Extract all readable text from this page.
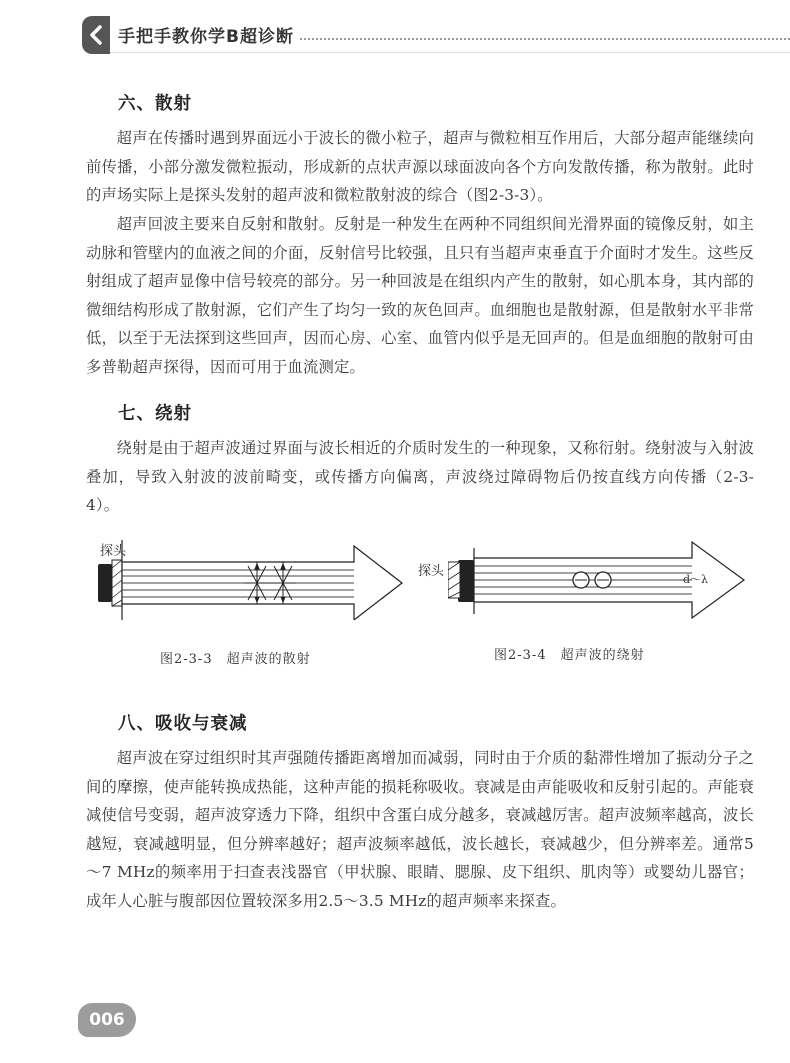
手把手教你学B超诊断
六、散射

超声在传播时遇到界面远小于波长的微小粒子，超声与微粒相互作用后，大部分超声能继续向前传播，小部分激发微粒振动，形成新的点状声源以球面波向各个方向发散传播，称为散射。此时的声场实际上是探头发射的超声波和微粒散射波的综合（图2-3-3）。

超声回波主要来自反射和散射。反射是一种发生在两种不同组织间光滑界面的镜像反射，如主动脉和管壁内的血液之间的介面，反射信号比较强，且只有当超声束垂直于介面时才发生。这些反射组成了超声显像中信号较亮的部分。另一种回波是在组织内产生的散射，如心肌本身，其内部的微细结构形成了散射源，它们产生了均匀一致的灰色回声。血细胞也是散射源，但是散射水平非常低，以至于无法探到这些回声，因而心房、心室、血管内似乎是无回声的。但是血细胞的散射可由多普勒超声探得，因而可用于血流测定。

七、绕射

绕射是由于超声波通过界面与波长相近的介质时发生的一种现象，又称衍射。绕射波与入射波叠加，导致入射波的波前畸变，或传播方向偏离，声波绕过障碍物后仍按直线方向传播（2-3-4）。

探头
图2-3-3　超声波的散射
探头
d～λ
图2-3-4　超声波的绕射
八、吸收与衰减

超声波在穿过组织时其声强随传播距离增加而减弱，同时由于介质的黏滞性增加了振动分子之间的摩擦，使声能转换成热能，这种声能的损耗称吸收。衰减是由声能吸收和反射引起的。声能衰减使信号变弱，超声波穿透力下降，组织中含蛋白成分越多，衰减越厉害。超声波频率越高，波长越短，衰减越明显，但分辨率越好；超声波频率越低，波长越长，衰减越少，但分辨率差。通常5～7 MHz的频率用于扫查表浅器官（甲状腺、眼睛、腮腺、皮下组织、肌肉等）或婴幼儿器官；成年人心脏与腹部因位置较深多用2.5～3.5 MHz的超声频率来探查。

006
